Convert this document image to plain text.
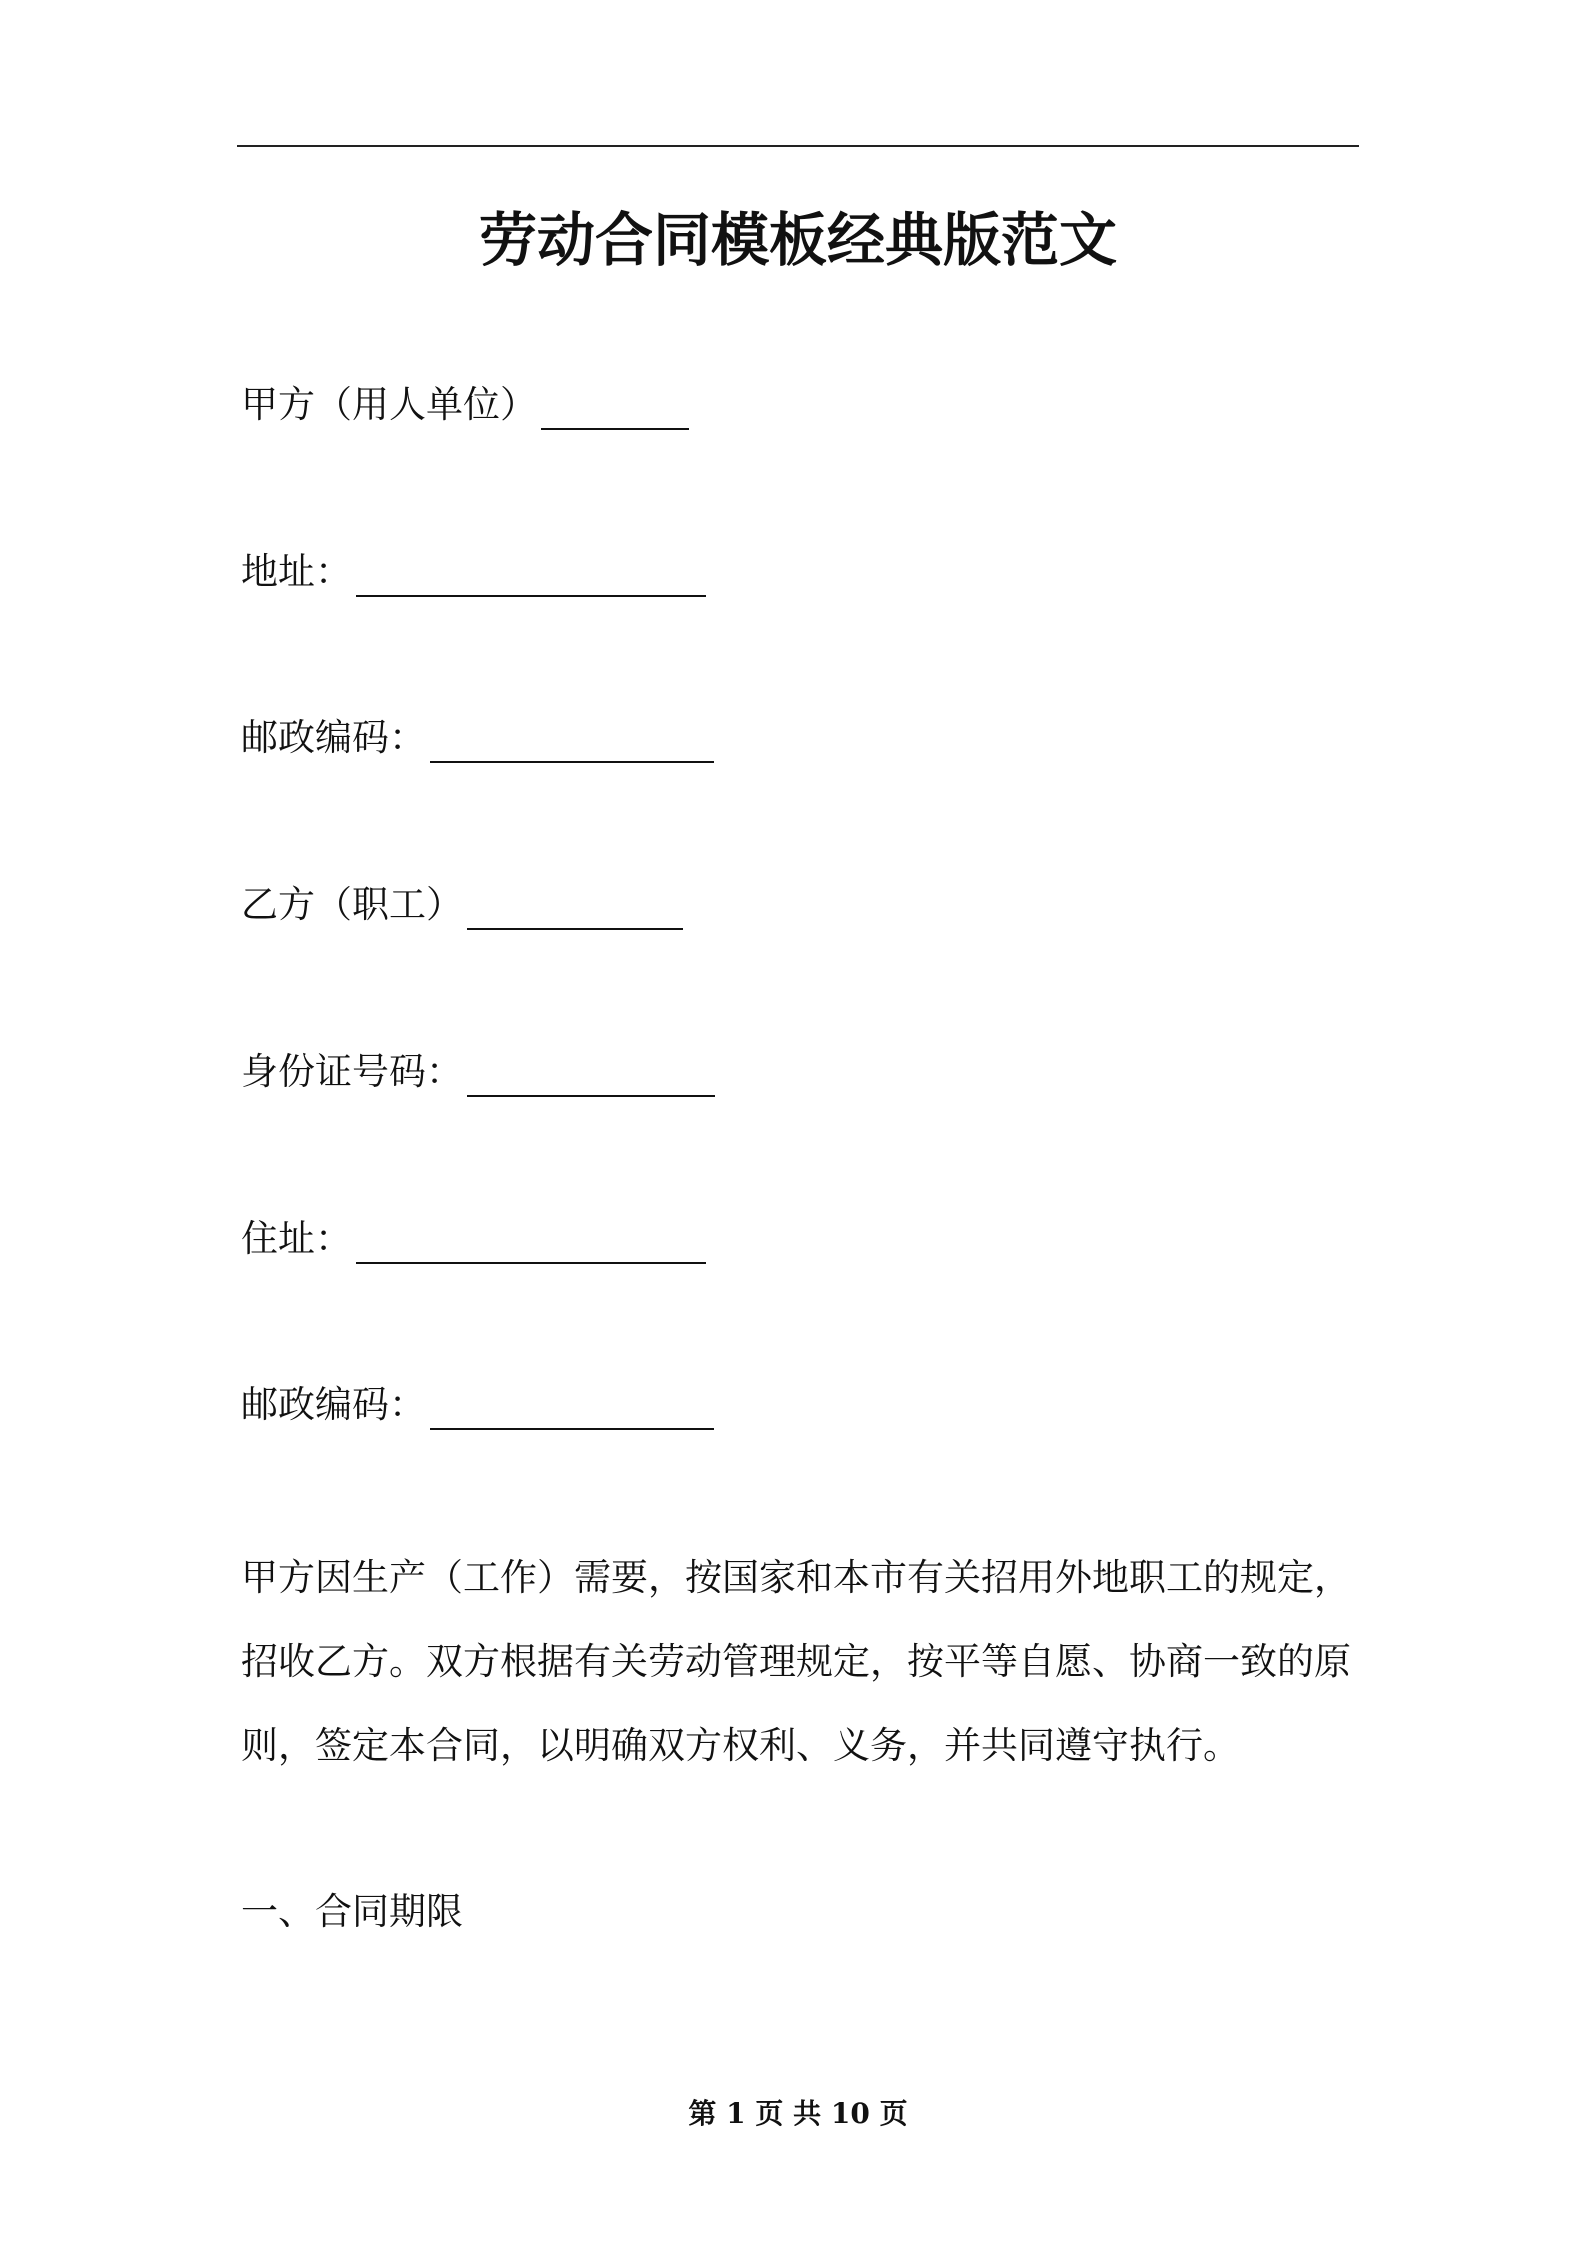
劳动合同模板经典版范文
甲方（用人单位）
地址：
邮政编码：
乙方（职工）
身份证号码：
住址：
邮政编码：
甲方因生产（工作）需要，按国家和本市有关招用外地职工的规定，
招收乙方。双方根据有关劳动管理规定，按平等自愿、协商一致的原
则，签定本合同，以明确双方权利、义务，并共同遵守执行。
一、合同期限
第 1 页 共 10 页
